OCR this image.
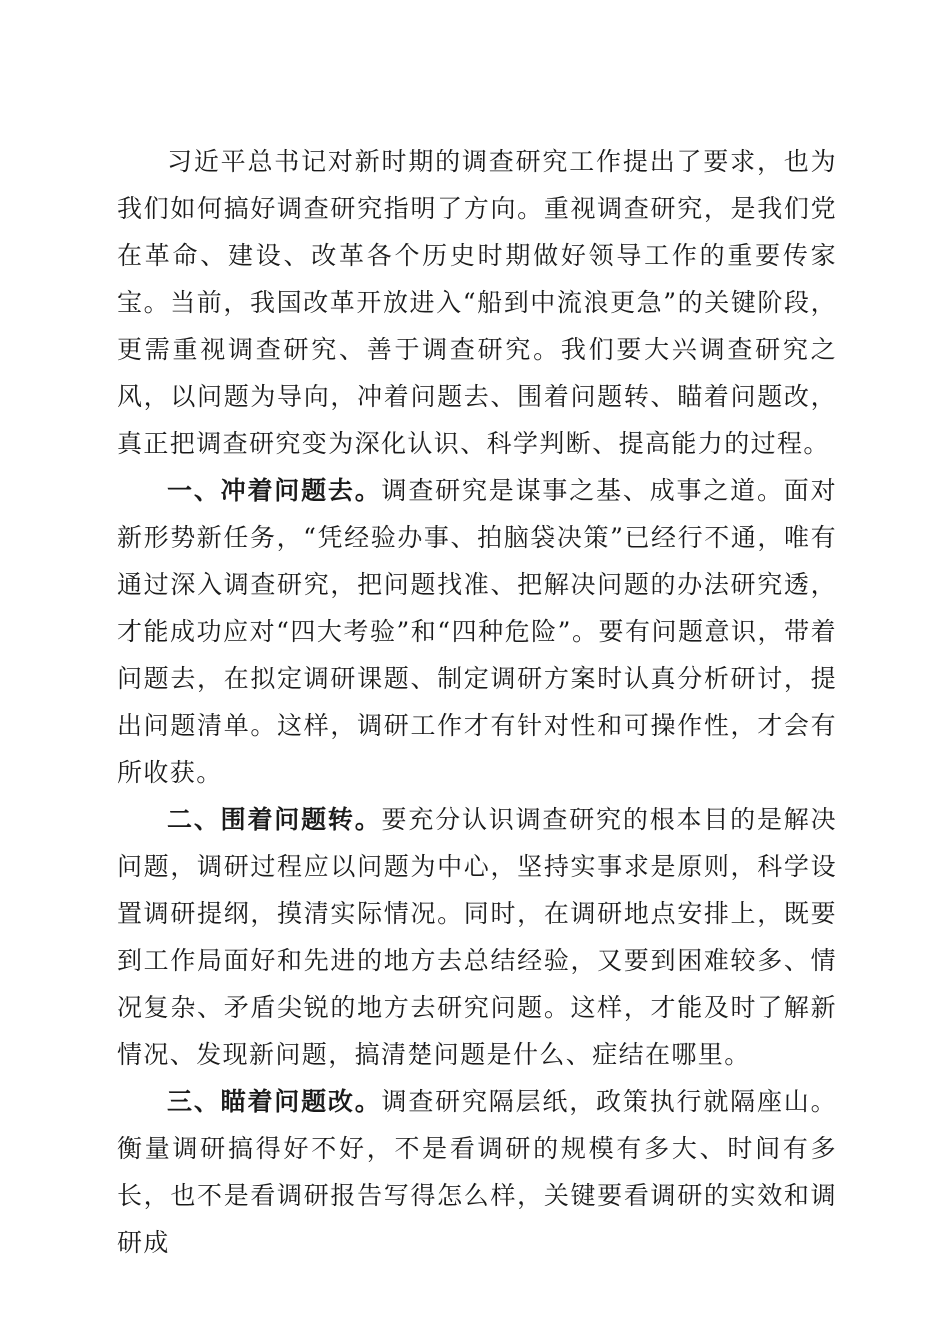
习近平总书记对新时期的调查研究工作提出了要求，也为我们如何搞好调查研究指明了方向。重视调查研究，是我们党在革命、建设、改革各个历史时期做好领导工作的重要传家宝。当前，我国改革开放进入“船到中流浪更急”的关键阶段，更需重视调查研究、善于调查研究。我们要大兴调查研究之风，以问题为导向，冲着问题去、围着问题转、瞄着问题改，真正把调查研究变为深化认识、科学判断、提高能力的过程。

一、冲着问题去。调查研究是谋事之基、成事之道。面对新形势新任务，“凭经验办事、拍脑袋决策”已经行不通，唯有通过深入调查研究，把问题找准、把解决问题的办法研究透，才能成功应对“四大考验”和“四种危险”。要有问题意识，带着问题去，在拟定调研课题、制定调研方案时认真分析研讨，提出问题清单。这样，调研工作才有针对性和可操作性，才会有所收获。

二、围着问题转。要充分认识调查研究的根本目的是解决问题，调研过程应以问题为中心，坚持实事求是原则，科学设置调研提纲，摸清实际情况。同时，在调研地点安排上，既要到工作局面好和先进的地方去总结经验，又要到困难较多、情况复杂、矛盾尖锐的地方去研究问题。这样，才能及时了解新情况、发现新问题，搞清楚问题是什么、症结在哪里。

三、瞄着问题改。调查研究隔层纸，政策执行就隔座山。衡量调研搞得好不好，不是看调研的规模有多大、时间有多长，也不是看调研报告写得怎么样，关键要看调研的实效和调研成
